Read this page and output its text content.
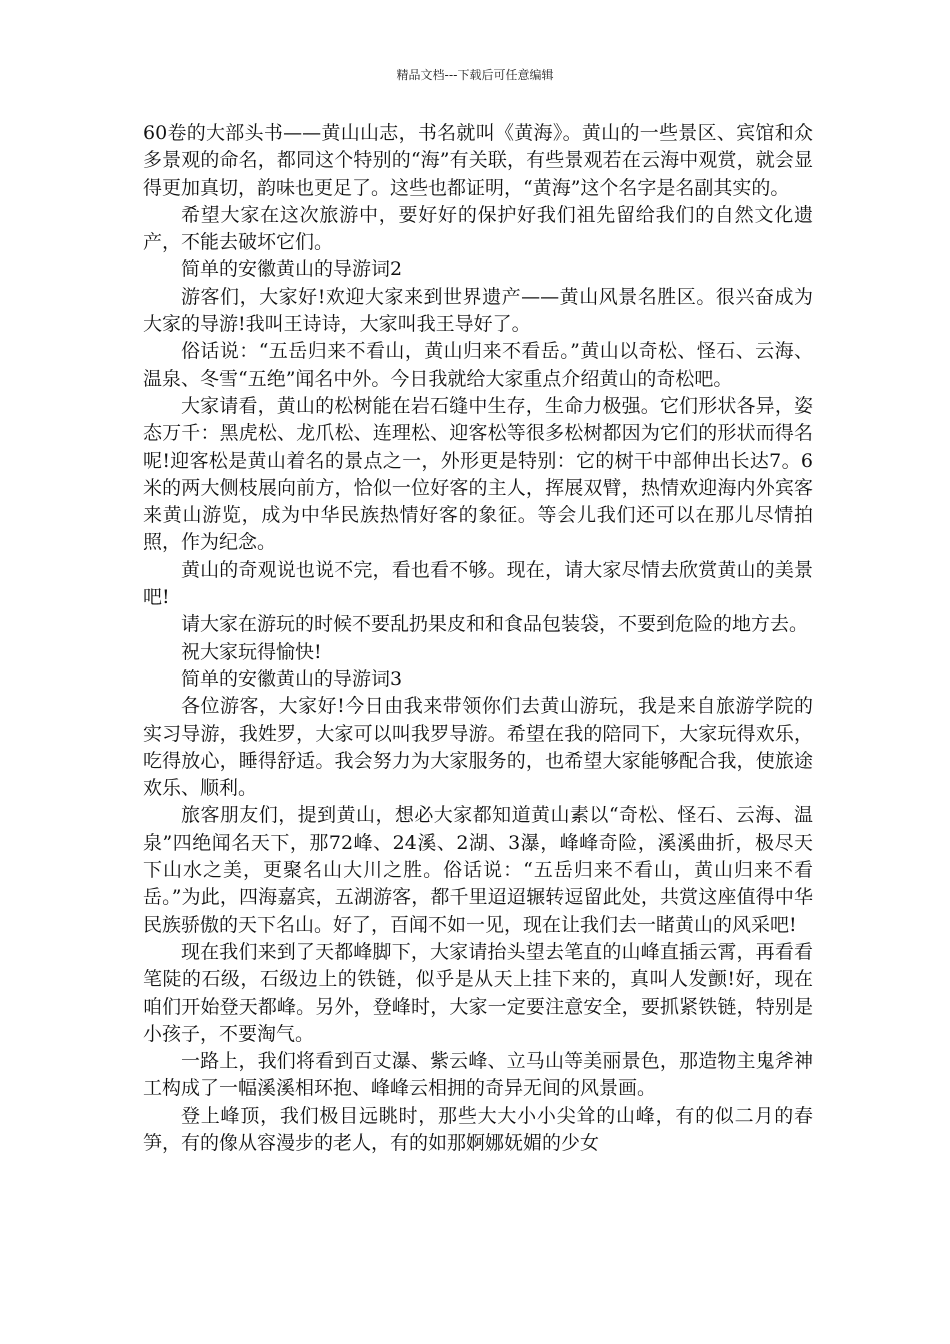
精品文档---下载后可任意编辑

60卷的大部头书——黄山山志，书名就叫《黄海》。黄山的一些景区、宾馆和众多景观的命名，都同这个特别的“海”有关联，有些景观若在云海中观赏，就会显得更加真切，韵味也更足了。这些也都证明，“黄海”这个名字是名副其实的。

希望大家在这次旅游中，要好好的保护好我们祖先留给我们的自然文化遗产，不能去破坏它们。

简单的安徽黄山的导游词2

游客们，大家好!欢迎大家来到世界遗产——黄山风景名胜区。很兴奋成为大家的导游!我叫王诗诗，大家叫我王导好了。

俗话说：“五岳归来不看山，黄山归来不看岳。”黄山以奇松、怪石、云海、温泉、冬雪“五绝”闻名中外。今日我就给大家重点介绍黄山的奇松吧。

大家请看，黄山的松树能在岩石缝中生存，生命力极强。它们形状各异，姿态万千：黑虎松、龙爪松、连理松、迎客松等很多松树都因为它们的形状而得名呢!迎客松是黄山着名的景点之一，外形更是特别：它的树干中部伸出长达7。6米的两大侧枝展向前方，恰似一位好客的主人，挥展双臂，热情欢迎海内外宾客来黄山游览，成为中华民族热情好客的象征。等会儿我们还可以在那儿尽情拍照，作为纪念。

黄山的奇观说也说不完，看也看不够。现在，请大家尽情去欣赏黄山的美景吧!

请大家在游玩的时候不要乱扔果皮和和食品包装袋，不要到危险的地方去。

祝大家玩得愉快!

简单的安徽黄山的导游词3

各位游客，大家好!今日由我来带领你们去黄山游玩，我是来自旅游学院的实习导游，我姓罗，大家可以叫我罗导游。希望在我的陪同下，大家玩得欢乐，吃得放心，睡得舒适。我会努力为大家服务的，也希望大家能够配合我，使旅途欢乐、顺利。

旅客朋友们，提到黄山，想必大家都知道黄山素以“奇松、怪石、云海、温泉”四绝闻名天下，那72峰、24溪、2湖、3瀑，峰峰奇险，溪溪曲折，极尽天下山水之美，更聚名山大川之胜。俗话说：“五岳归来不看山，黄山归来不看岳。”为此，四海嘉宾，五湖游客，都千里迢迢辗转逗留此处，共赏这座值得中华民族骄傲的天下名山。好了，百闻不如一见，现在让我们去一睹黄山的风采吧!

现在我们来到了天都峰脚下，大家请抬头望去笔直的山峰直插云霄，再看看笔陡的石级，石级边上的铁链，似乎是从天上挂下来的，真叫人发颤!好，现在咱们开始登天都峰。另外，登峰时，大家一定要注意安全，要抓紧铁链，特别是小孩子，不要淘气。

一路上，我们将看到百丈瀑、紫云峰、立马山等美丽景色，那造物主鬼斧神工构成了一幅溪溪相环抱、峰峰云相拥的奇异无间的风景画。

登上峰顶，我们极目远眺时，那些大大小小尖耸的山峰，有的似二月的春笋，有的像从容漫步的老人，有的如那婀娜妩媚的少女
